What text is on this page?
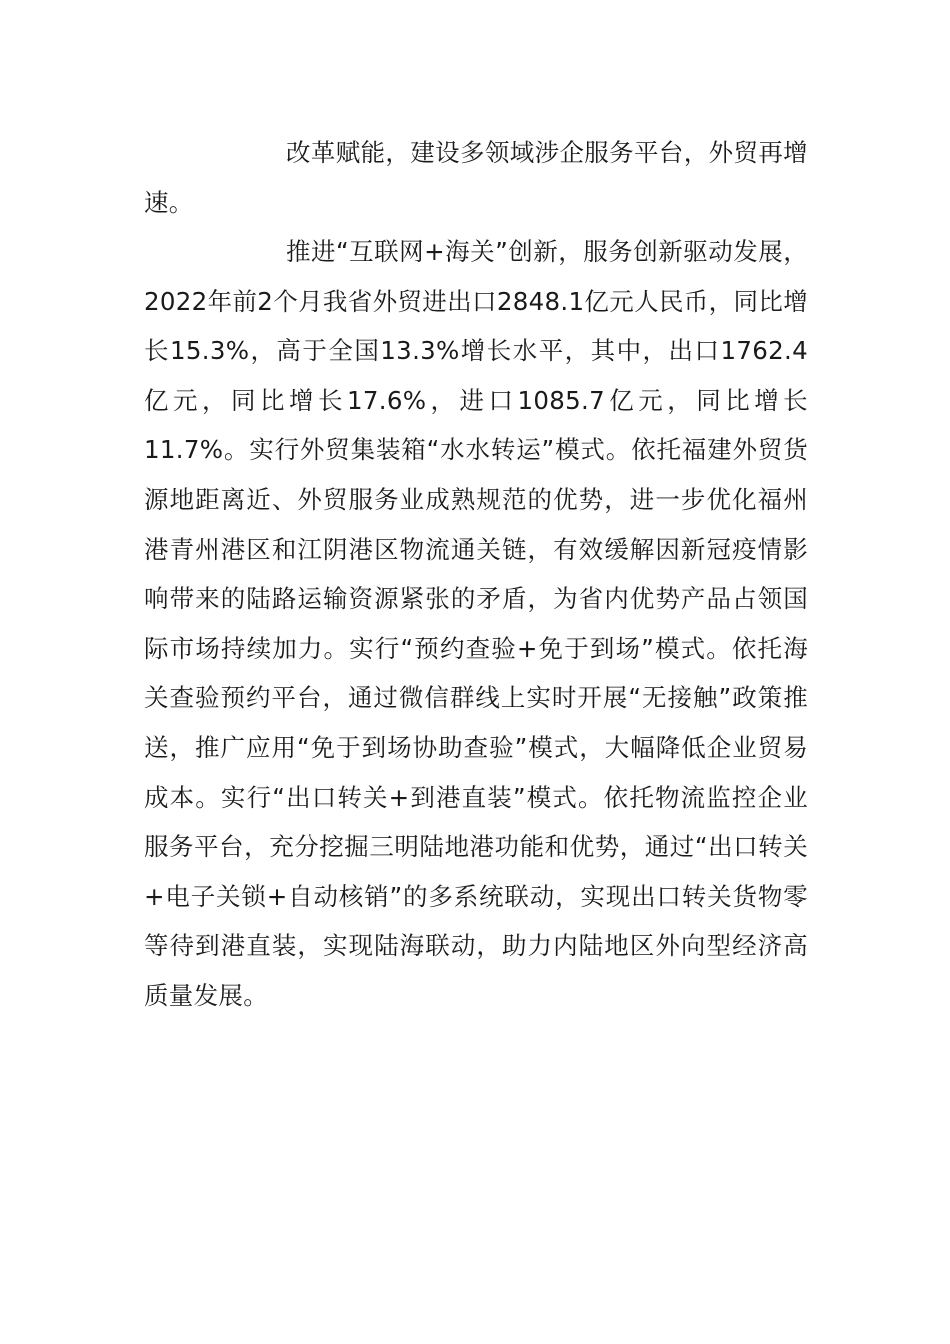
改革赋能，建设多领域涉企服务平台，外贸再增速。

推进“互联网+海关”创新，服务创新驱动发展，2022年前2个月我省外贸进出口2848.1亿元人民币，同比增长15.3%，高于全国13.3%增长水平，其中，出口1762.4亿元，同比增长17.6%，进口1085.7亿元，同比增长11.7%。实行外贸集装箱“水水转运”模式。依托福建外贸货源地距离近、外贸服务业成熟规范的优势，进一步优化福州港青州港区和江阴港区物流通关链，有效缓解因新冠疫情影响带来的陆路运输资源紧张的矛盾，为省内优势产品占领国际市场持续加力。实行“预约查验+免于到场”模式。依托海关查验预约平台，通过微信群线上实时开展“无接触”政策推送，推广应用“免于到场协助查验”模式，大幅降低企业贸易成本。实行“出口转关+到港直装”模式。依托物流监控企业服务平台，充分挖掘三明陆地港功能和优势，通过“出口转关+电子关锁+自动核销”的多系统联动，实现出口转关货物零等待到港直装，实现陆海联动，助力内陆地区外向型经济高质量发展。
